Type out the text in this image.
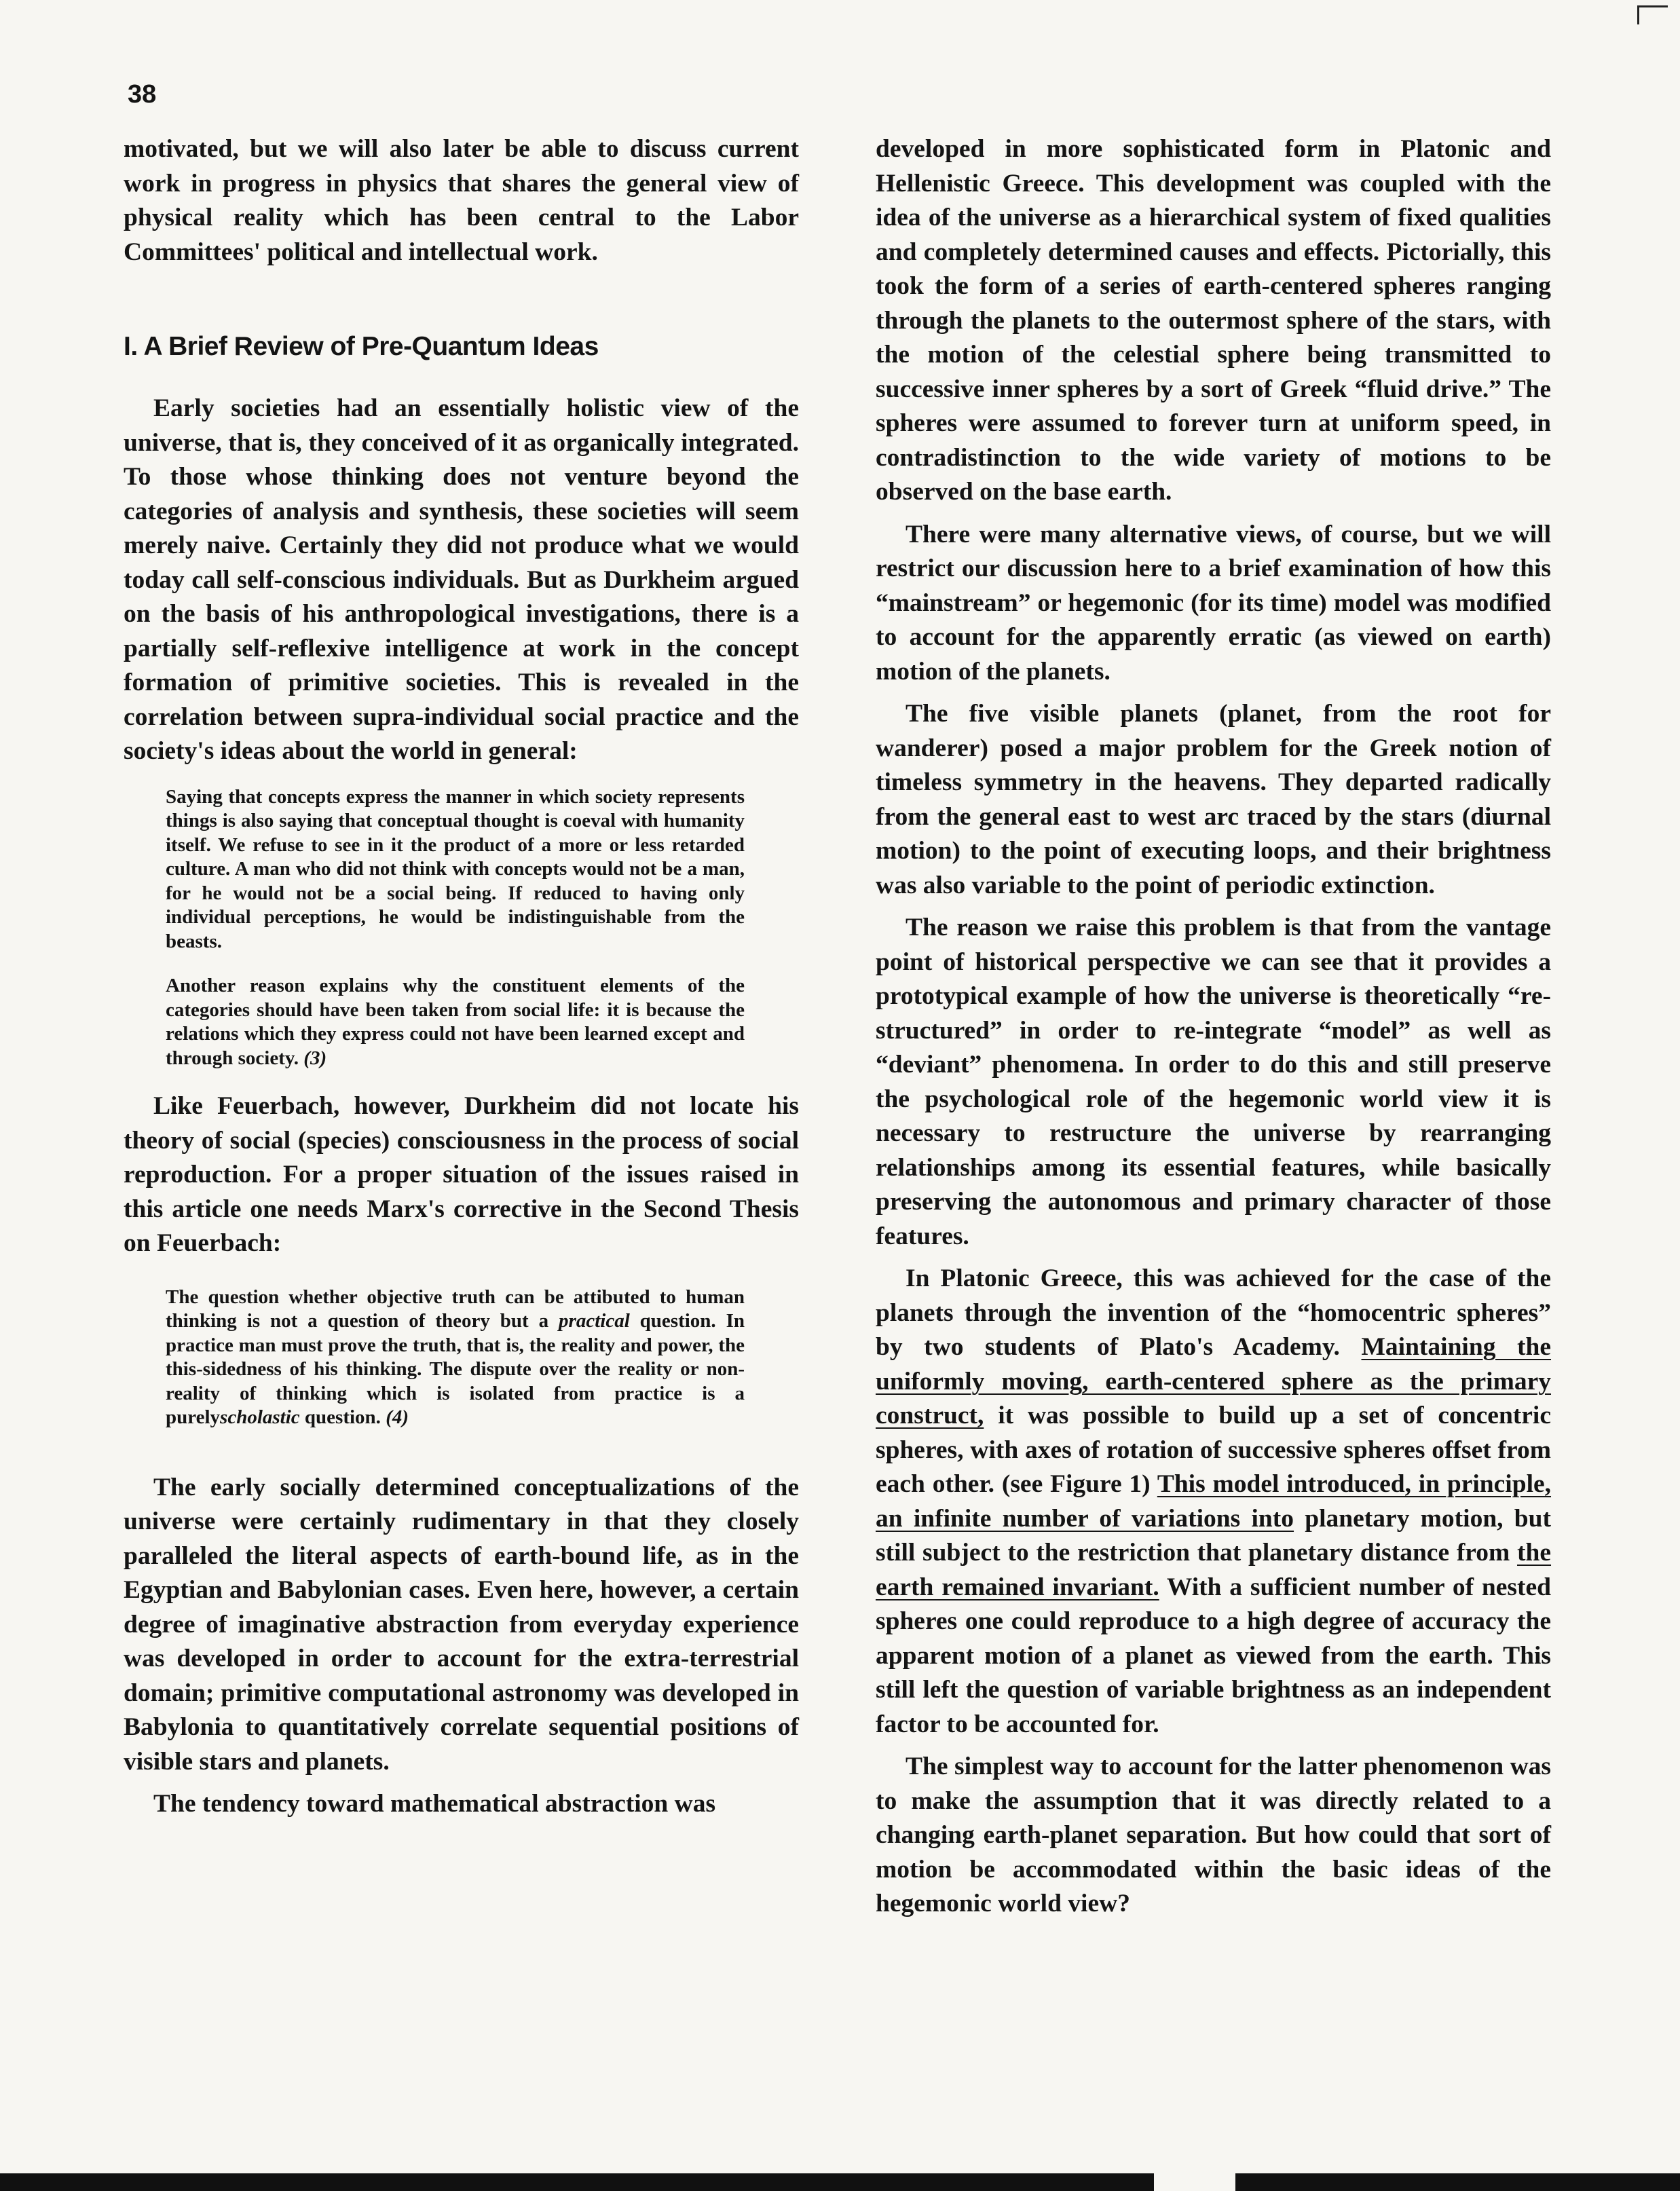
38

motivated, but we will also later be able to discuss current work in progress in physics that shares the general view of physical reality which has been central to the Labor Committees' political and intellectual work.

I. A Brief Review of Pre-Quantum Ideas

Early societies had an essentially holistic view of the universe, that is, they conceived of it as organically integrated. To those whose thinking does not venture beyond the categories of analysis and synthesis, these societies will seem merely naive. Certainly they did not produce what we would today call self-conscious individuals. But as Durkheim argued on the basis of his anthropological investigations, there is a partially self-reflexive intelligence at work in the concept formation of primitive societies. This is revealed in the correlation between supra-individual social practice and the society's ideas about the world in general:

Saying that concepts express the manner in which society represents things is also saying that conceptual thought is coeval with humanity itself. We refuse to see in it the product of a more or less retarded culture. A man who did not think with concepts would not be a man, for he would not be a social being. If reduced to having only individual perceptions, he would be indistinguishable from the beasts.

Another reason explains why the constituent elements of the categories should have been taken from social life: it is because the relations which they express could not have been learned except and through society. (3)

Like Feuerbach, however, Durkheim did not locate his theory of social (species) consciousness in the process of social reproduction. For a proper situation of the issues raised in this article one needs Marx's corrective in the Second Thesis on Feuerbach:

The question whether objective truth can be attibuted to human thinking is not a question of theory but a practical question. In practice man must prove the truth, that is, the reality and power, the this-sidedness of his thinking. The dispute over the reality or non-reality of thinking which is isolated from practice is a purelyscholastic question. (4)

The early socially determined conceptualizations of the universe were certainly rudimentary in that they closely paralleled the literal aspects of earth-bound life, as in the Egyptian and Babylonian cases. Even here, however, a certain degree of imaginative abstraction from everyday experience was developed in order to account for the extra-terrestrial domain; primitive computational astronomy was developed in Babylonia to quantitatively correlate sequential positions of visible stars and planets.

The tendency toward mathematical abstraction was

developed in more sophisticated form in Platonic and Hellenistic Greece. This development was coupled with the idea of the universe as a hierarchical system of fixed qualities and completely determined causes and effects. Pictorially, this took the form of a series of earth-centered spheres ranging through the planets to the outermost sphere of the stars, with the motion of the celestial sphere being transmitted to successive inner spheres by a sort of Greek “fluid drive.” The spheres were assumed to forever turn at uniform speed, in contradistinction to the wide variety of motions to be observed on the base earth.

There were many alternative views, of course, but we will restrict our discussion here to a brief examination of how this “mainstream” or hegemonic (for its time) model was modified to account for the apparently erratic (as viewed on earth) motion of the planets.

The five visible planets (planet, from the root for wanderer) posed a major problem for the Greek notion of timeless symmetry in the heavens. They departed radically from the general east to west arc traced by the stars (diurnal motion) to the point of executing loops, and their brightness was also variable to the point of periodic extinction.

The reason we raise this problem is that from the vantage point of historical perspective we can see that it provides a prototypical example of how the universe is theoretically “re-structured” in order to re-integrate “model” as well as “deviant” phenomena. In order to do this and still preserve the psychological role of the hegemonic world view it is necessary to restructure the universe by rearranging relationships among its essential features, while basically preserving the autonomous and primary character of those features.

In Platonic Greece, this was achieved for the case of the planets through the invention of the “homocentric spheres” by two students of Plato's Academy. Maintaining the uniformly moving, earth-centered sphere as the primary construct, it was possible to build up a set of concentric spheres, with axes of rotation of successive spheres offset from each other. (see Figure 1) This model introduced, in principle, an infinite number of variations into planetary motion, but still subject to the restriction that planetary distance from the earth remained invariant. With a sufficient number of nested spheres one could reproduce to a high degree of accuracy the apparent motion of a planet as viewed from the earth. This still left the question of variable brightness as an independent factor to be accounted for.

The simplest way to account for the latter phenomenon was to make the assumption that it was directly related to a changing earth-planet separation. But how could that sort of motion be accommodated within the basic ideas of the hegemonic world view?
